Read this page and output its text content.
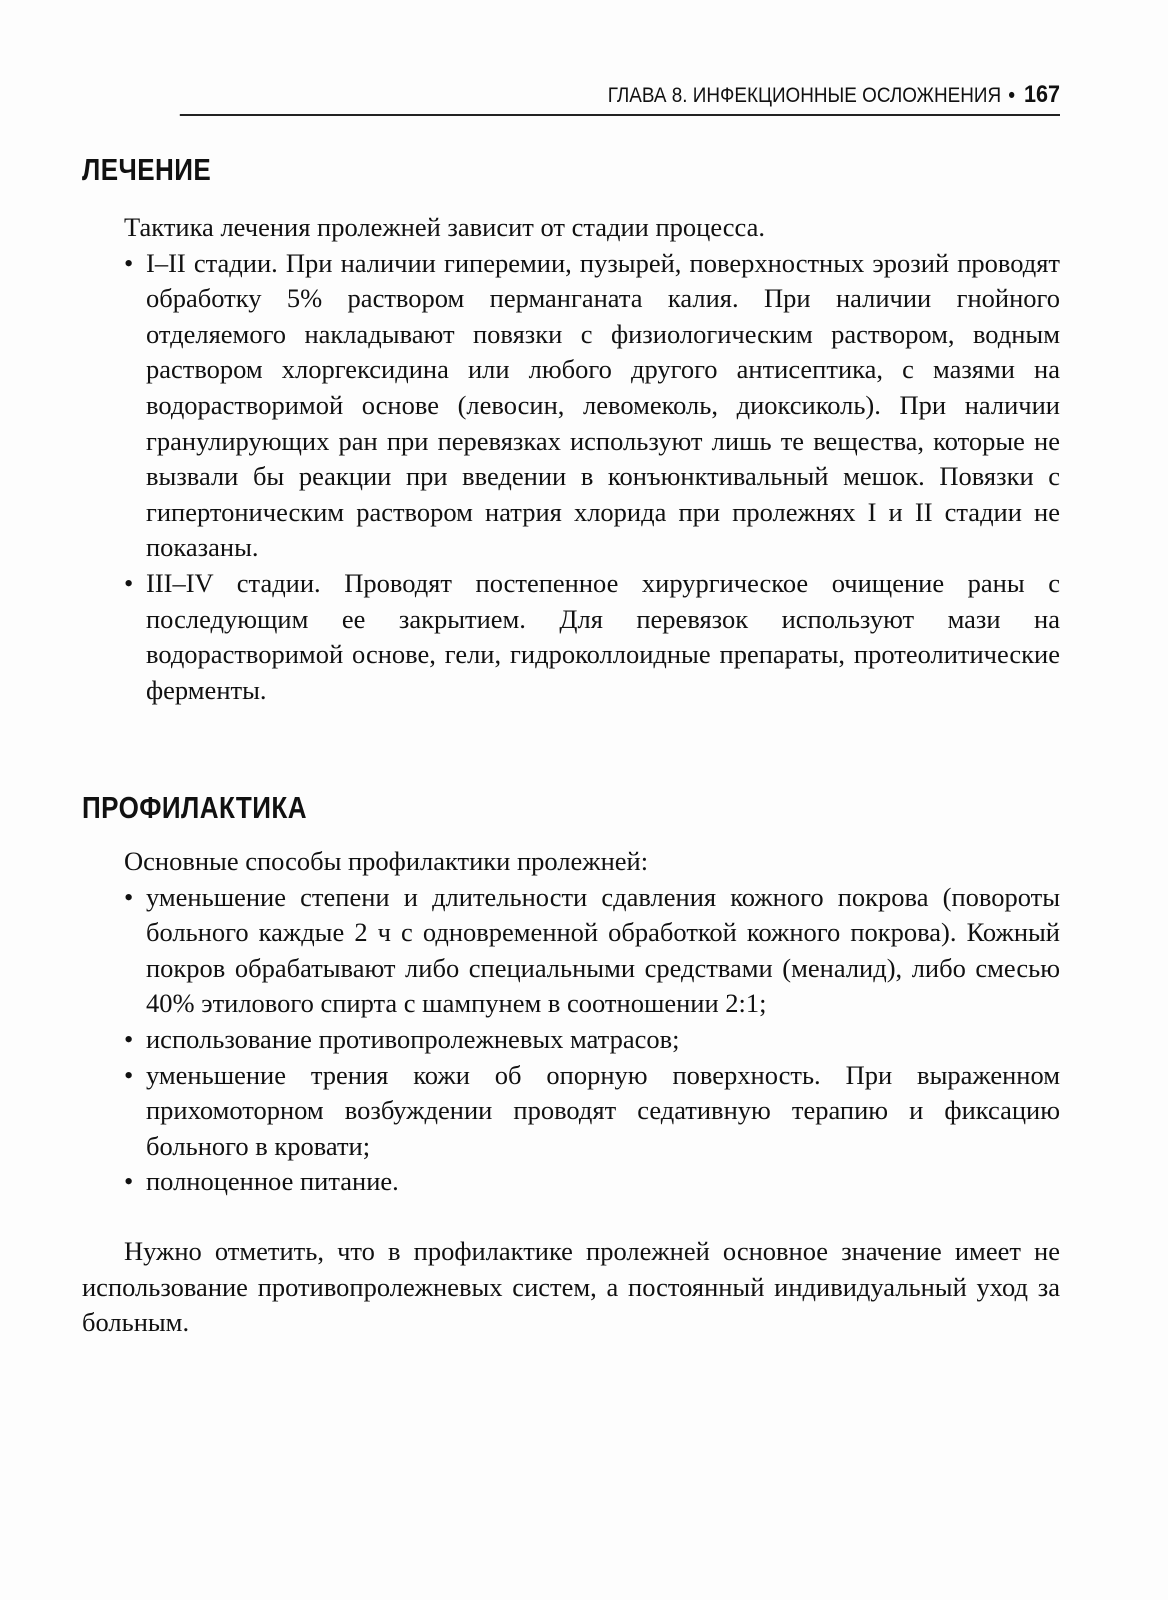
ГЛАВА 8. ИНФЕКЦИОННЫЕ ОСЛОЖНЕНИЯ • 167
ЛЕЧЕНИЕ

Тактика лечения пролежней зависит от стадии процесса.

• I–II стадии. При наличии гиперемии, пузырей, поверхностных эрозий проводят обработку 5% раствором перманганата калия. При наличии гнойного отделяемого накладывают повязки с физиологическим раствором, водным раствором хлоргексидина или любого другого антисептика, с мазями на водорастворимой основе (левосин, левомеколь, диоксиколь). При наличии гранулирующих ран при перевязках используют лишь те вещества, которые не вызвали бы реакции при введении в конъюнктивальный мешок. Повязки с гипертоническим раствором натрия хлорида при пролежнях I и II стадии не показаны.
• III–IV стадии. Проводят постепенное хирургическое очищение раны с последующим ее закрытием. Для перевязок используют мази на водорастворимой основе, гели, гидроколлоидные препараты, протеолитические ферменты.
ПРОФИЛАКТИКА

Основные способы профилактики пролежней:

• уменьшение степени и длительности сдавления кожного покрова (повороты больного каждые 2 ч с одновременной обработкой кожного покрова). Кожный покров обрабатывают либо специальными средствами (меналид), либо смесью 40% этилового спирта с шампунем в соотношении 2:1;
• использование противопролежневых матрасов;
• уменьшение трения кожи об опорную поверхность. При выраженном прихомоторном возбуждении проводят седативную терапию и фиксацию больного в кровати;
• полноценное питание.

Нужно отметить, что в профилактике пролежней основное значение имеет не использование противопролежневых систем, а постоянный индивидуальный уход за больным.
